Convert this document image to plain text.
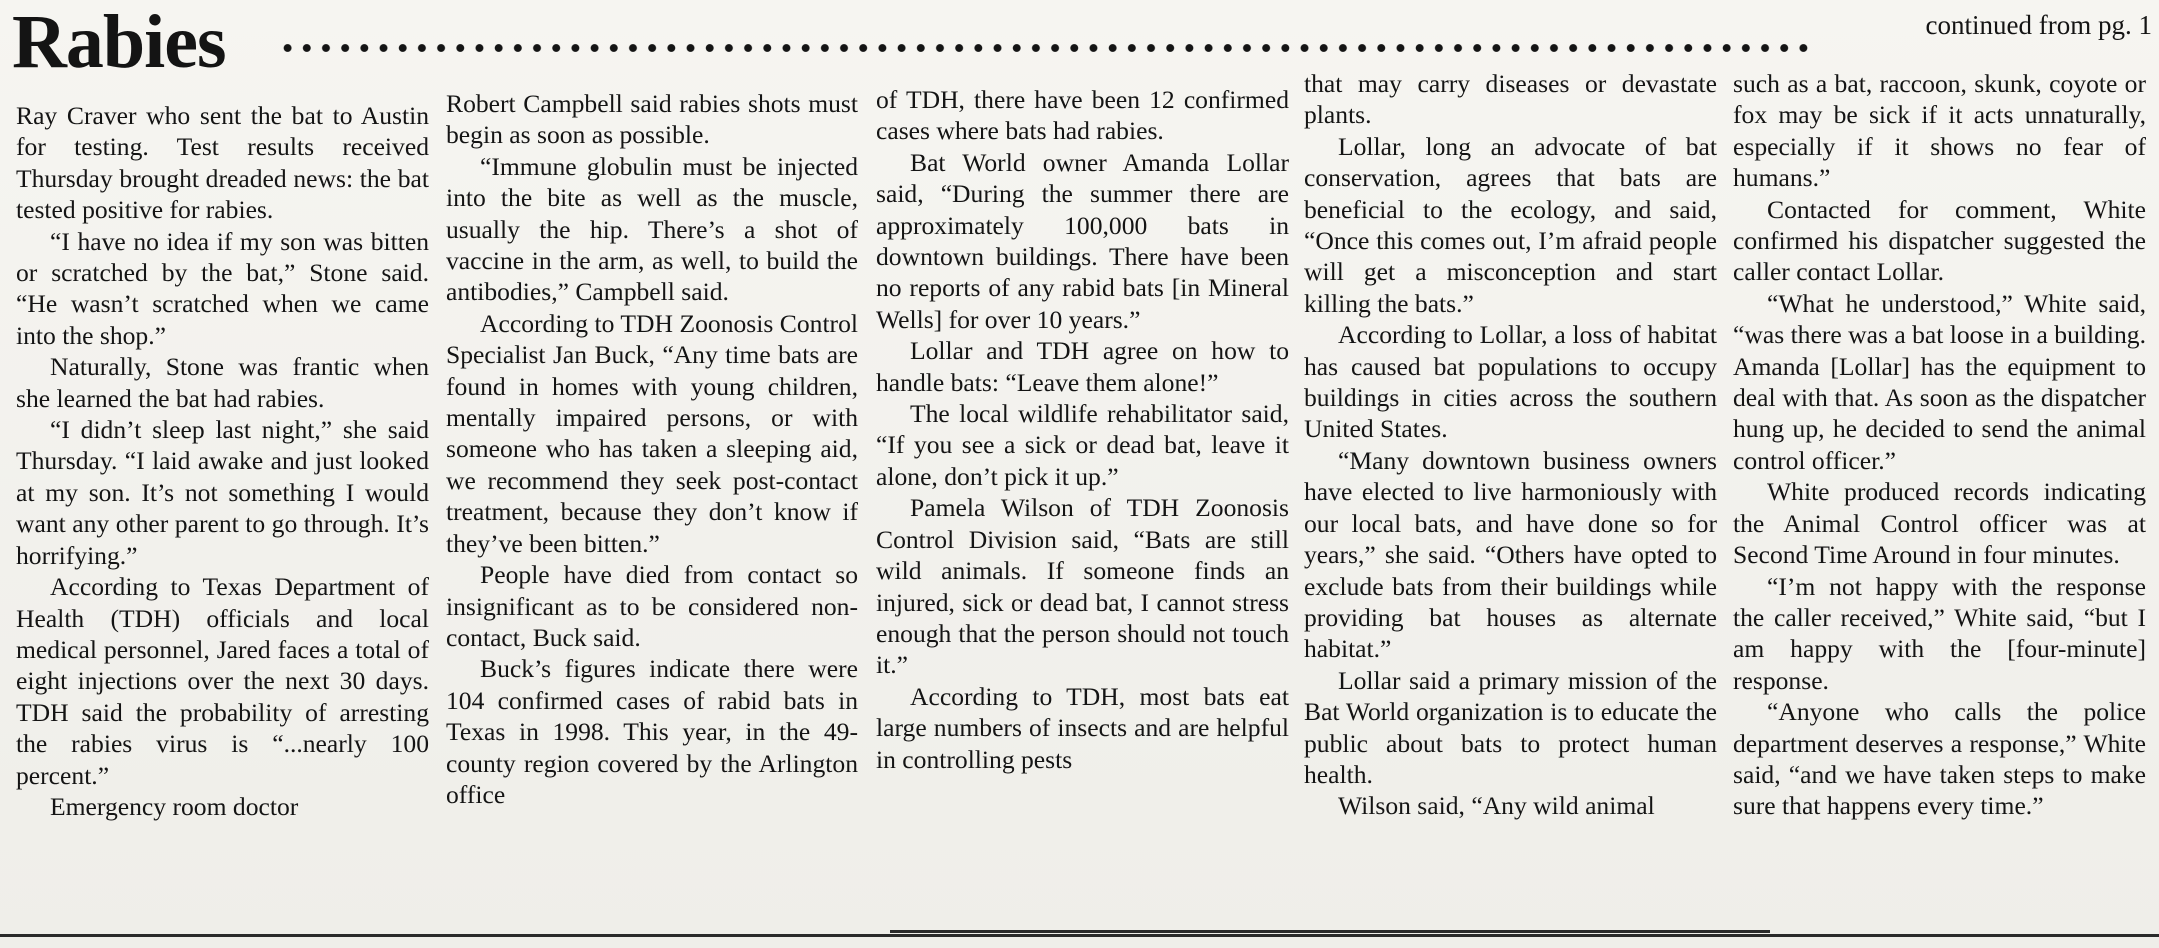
Rabies	continued from pg. 1

Ray Craver who sent the bat to Austin for testing. Test results received Thursday brought dreaded news: the bat tested positive for rabies.

“I have no idea if my son was bitten or scratched by the bat,” Stone said. “He wasn’t scratched when we came into the shop.”

Naturally, Stone was frantic when she learned the bat had rabies.

“I didn’t sleep last night,” she said Thursday. “I laid awake and just looked at my son. It’s not something I would want any other parent to go through. It’s horrifying.”

According to Texas Department of Health (TDH) officials and local medical personnel, Jared faces a total of eight injections over the next 30 days. TDH said the probability of arresting the rabies virus is “...nearly 100 percent.”

Emergency room doctor

Robert Campbell said rabies shots must begin as soon as possible.

“Immune globulin must be injected into the bite as well as the muscle, usually the hip. There’s a shot of vaccine in the arm, as well, to build the antibodies,” Campbell said.

According to TDH Zoonosis Control Specialist Jan Buck, “Any time bats are found in homes with young children, mentally impaired persons, or with someone who has taken a sleeping aid, we recommend they seek post-contact treatment, because they don’t know if they’ve been bitten.”

People have died from contact so insignificant as to be considered non-contact, Buck said.

Buck’s figures indicate there were 104 confirmed cases of rabid bats in Texas in 1998. This year, in the 49-county region covered by the Arlington office

of TDH, there have been 12 confirmed cases where bats had rabies.

Bat World owner Amanda Lollar said, “During the summer there are approximately 100,000 bats in downtown buildings. There have been no reports of any rabid bats [in Mineral Wells] for over 10 years.”

Lollar and TDH agree on how to handle bats: “Leave them alone!”

The local wildlife rehabilitator said, “If you see a sick or dead bat, leave it alone, don’t pick it up.”

Pamela Wilson of TDH Zoonosis Control Division said, “Bats are still wild animals. If someone finds an injured, sick or dead bat, I cannot stress enough that the person should not touch it.”

According to TDH, most bats eat large numbers of insects and are helpful in controlling pests

that may carry diseases or devastate plants.

Lollar, long an advocate of bat conservation, agrees that bats are beneficial to the ecology, and said, “Once this comes out, I’m afraid people will get a misconception and start killing the bats.”

According to Lollar, a loss of habitat has caused bat populations to occupy buildings in cities across the southern United States.

“Many downtown business owners have elected to live harmoniously with our local bats, and have done so for years,” she said. “Others have opted to exclude bats from their buildings while providing bat houses as alternate habitat.”

Lollar said a primary mission of the Bat World organization is to educate the public about bats to protect human health.

Wilson said, “Any wild animal

such as a bat, raccoon, skunk, coyote or fox may be sick if it acts unnaturally, especially if it shows no fear of humans.”

Contacted for comment, White confirmed his dispatcher suggested the caller contact Lollar.

“What he understood,” White said, “was there was a bat loose in a building. Amanda [Lollar] has the equipment to deal with that. As soon as the dispatcher hung up, he decided to send the animal control officer.”

White produced records indicating the Animal Control officer was at Second Time Around in four minutes.

“I’m not happy with the response the caller received,” White said, “but I am happy with the [four-minute] response.

“Anyone who calls the police department deserves a response,” White said, “and we have taken steps to make sure that happens every time.”
